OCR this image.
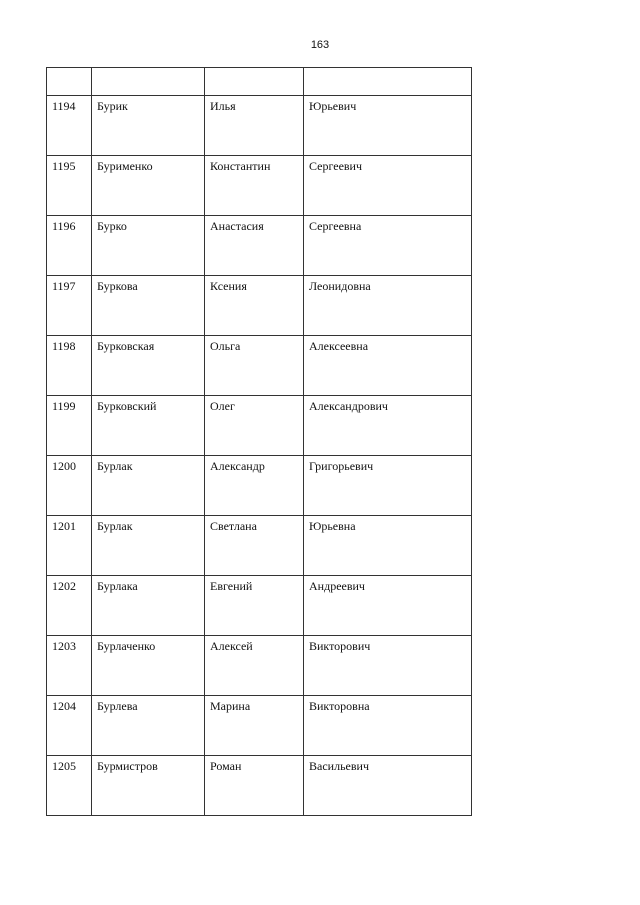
163

1194	Бурик	Илья	Юрьевич
1195	Бурименко	Константин	Сергеевич
1196	Бурко	Анастасия	Сергеевна
1197	Буркова	Ксения	Леонидовна
1198	Бурковская	Ольга	Алексеевна
1199	Бурковский	Олег	Александрович
1200	Бурлак	Александр	Григорьевич
1201	Бурлак	Светлана	Юрьевна
1202	Бурлака	Евгений	Андреевич
1203	Бурлаченко	Алексей	Викторович
1204	Бурлева	Марина	Викторовна
1205	Бурмистров	Роман	Васильевич
